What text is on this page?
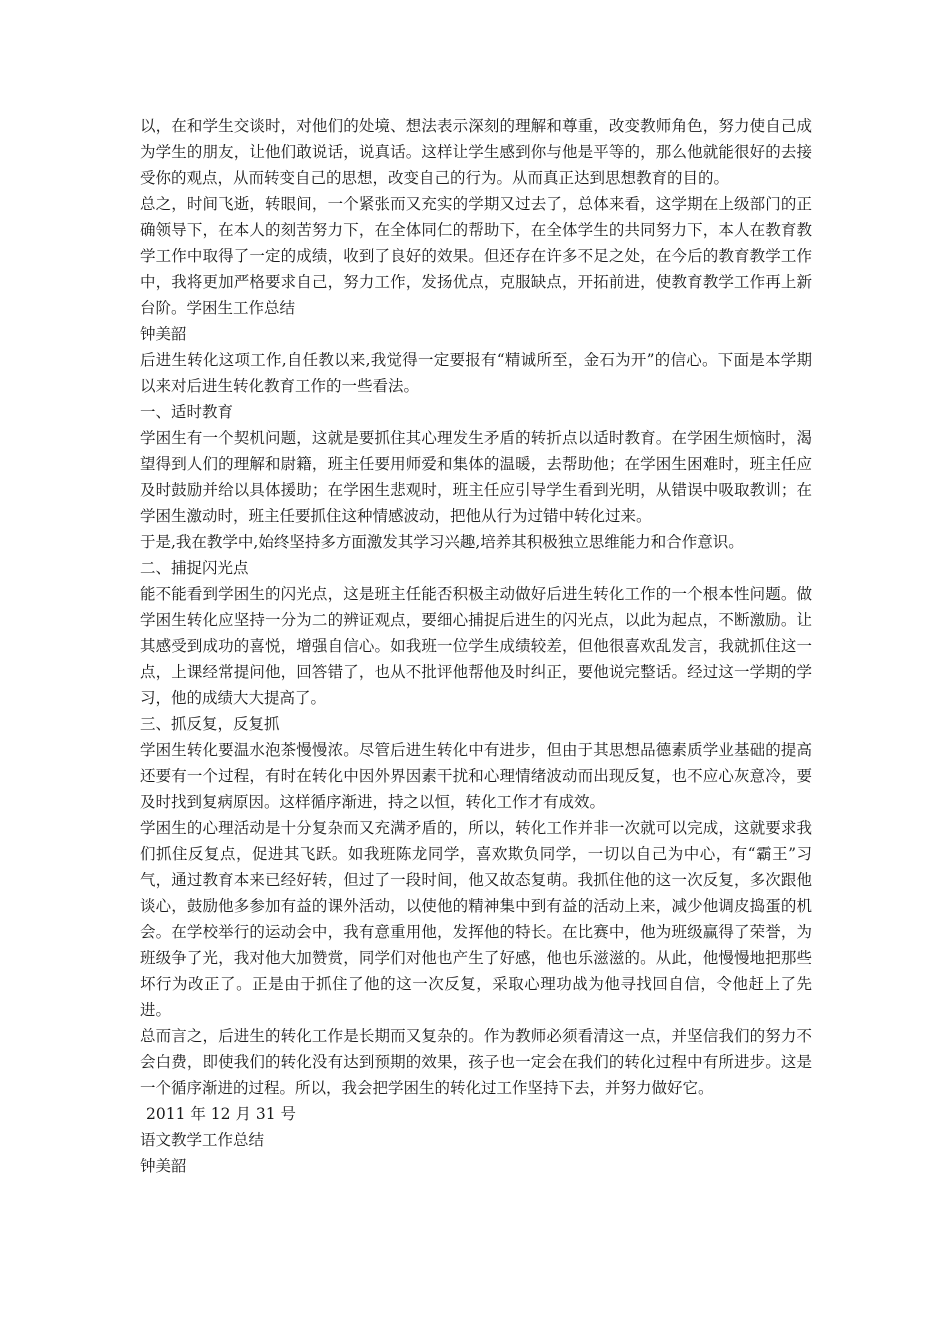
以，在和学生交谈时，对他们的处境、想法表示深刻的理解和尊重，改变教师角色，努力使自己成为学生的朋友，让他们敢说话，说真话。这样让学生感到你与他是平等的，那么他就能很好的去接受你的观点，从而转变自己的思想，改变自己的行为。从而真正达到思想教育的目的。

总之，时间飞逝，转眼间，一个紧张而又充实的学期又过去了，总体来看，这学期在上级部门的正确领导下，在本人的刻苦努力下，在全体同仁的帮助下，在全体学生的共同努力下，本人在教育教学工作中取得了一定的成绩，收到了良好的效果。但还存在许多不足之处，在今后的教育教学工作中，我将更加严格要求自己，努力工作，发扬优点，克服缺点，开拓前进，使教育教学工作再上新台阶。学困生工作总结

钟美韶

后进生转化这项工作,自任教以来,我觉得一定要报有“精诚所至，金石为开”的信心。下面是本学期以来对后进生转化教育工作的一些看法。

一、适时教育

学困生有一个契机问题，这就是要抓住其心理发生矛盾的转折点以适时教育。在学困生烦恼时，渴望得到人们的理解和尉籍，班主任要用师爱和集体的温暖，去帮助他；在学困生困难时，班主任应及时鼓励并给以具体援助；在学困生悲观时，班主任应引导学生看到光明，从错误中吸取教训；在学困生激动时，班主任要抓住这种情感波动，把他从行为过错中转化过来。

于是,我在教学中,始终坚持多方面激发其学习兴趣,培养其积极独立思维能力和合作意识。

二、捕捉闪光点

能不能看到学困生的闪光点，这是班主任能否积极主动做好后进生转化工作的一个根本性问题。做学困生转化应坚持一分为二的辨证观点，要细心捕捉后进生的闪光点，以此为起点，不断激励。让其感受到成功的喜悦，增强自信心。如我班一位学生成绩较差，但他很喜欢乱发言，我就抓住这一点，上课经常提问他，回答错了，也从不批评他帮他及时纠正，要他说完整话。经过这一学期的学习，他的成绩大大提高了。

三、抓反复，反复抓

学困生转化要温水泡茶慢慢浓。尽管后进生转化中有进步，但由于其思想品德素质学业基础的提高还要有一个过程，有时在转化中因外界因素干扰和心理情绪波动而出现反复，也不应心灰意冷，要及时找到复病原因。这样循序渐进，持之以恒，转化工作才有成效。

学困生的心理活动是十分复杂而又充满矛盾的，所以，转化工作并非一次就可以完成，这就要求我们抓住反复点，促进其飞跃。如我班陈龙同学，喜欢欺负同学，一切以自己为中心，有“霸王”习气，通过教育本来已经好转，但过了一段时间，他又故态复萌。我抓住他的这一次反复，多次跟他谈心，鼓励他多参加有益的课外活动，以使他的精神集中到有益的活动上来，减少他调皮捣蛋的机会。在学校举行的运动会中，我有意重用他，发挥他的特长。在比赛中，他为班级赢得了荣誉，为班级争了光，我对他大加赞赏，同学们对他也产生了好感，他也乐滋滋的。从此，他慢慢地把那些坏行为改正了。正是由于抓住了他的这一次反复，采取心理功战为他寻找回自信，令他赶上了先进。

总而言之，后进生的转化工作是长期而又复杂的。作为教师必须看清这一点，并坚信我们的努力不会白费，即使我们的转化没有达到预期的效果，孩子也一定会在我们的转化过程中有所进步。这是一个循序渐进的过程。所以，我会把学困生的转化过工作坚持下去，并努力做好它。

2011 年 12 月 31 号

语文教学工作总结

钟美韶
